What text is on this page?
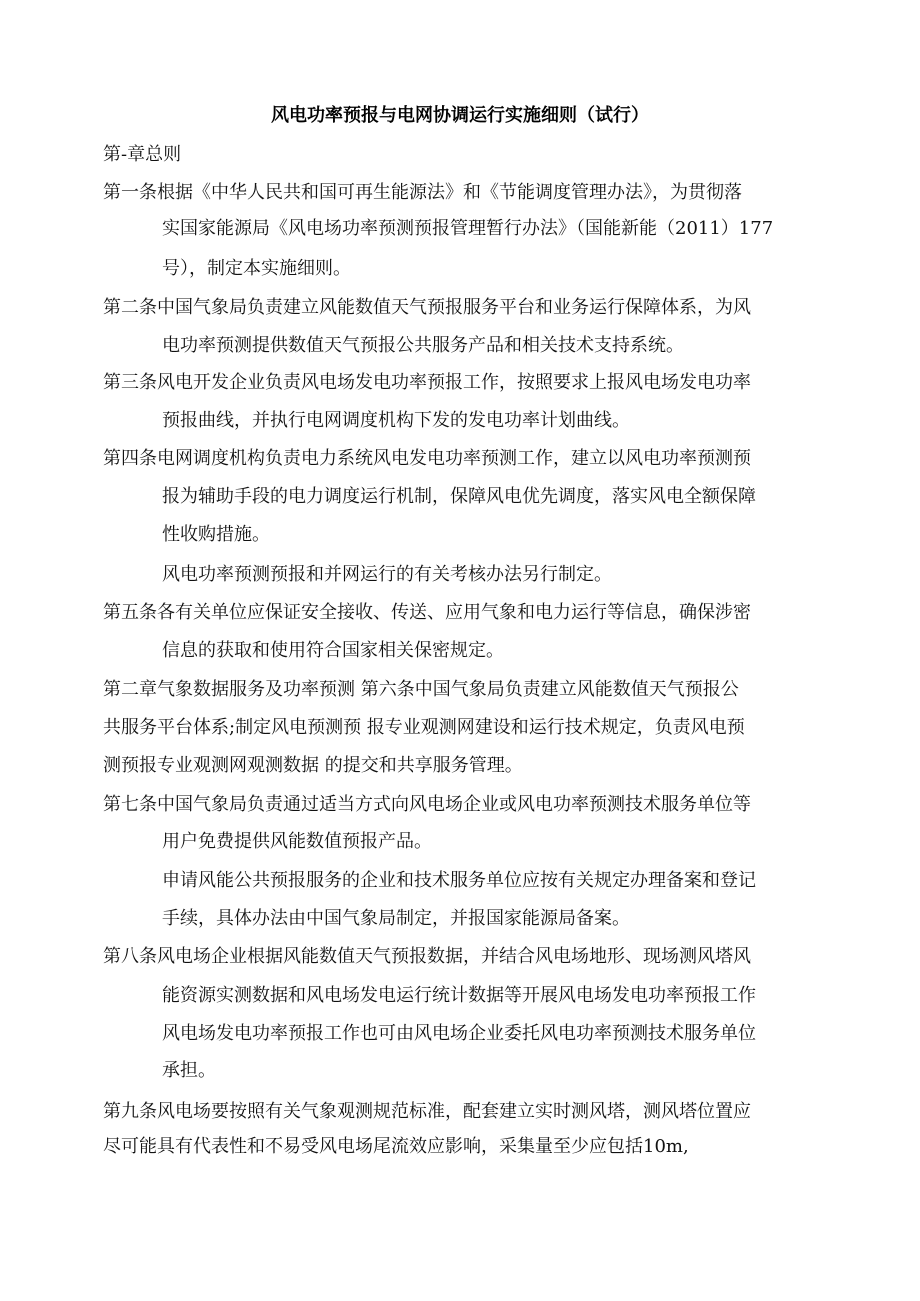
风电功率预报与电网协调运行实施细则（试行）
第-章总则
第一条根据《中华人民共和国可再生能源法》和《节能调度管理办法》，为贯彻落
实国家能源局《风电场功率预测预报管理暂行办法》（国能新能（2011）177
号），制定本实施细则。
第二条中国气象局负责建立风能数值天气预报服务平台和业务运行保障体系，为风
电功率预测提供数值天气预报公共服务产品和相关技术支持系统。
第三条风电开发企业负责风电场发电功率预报工作，按照要求上报风电场发电功率
预报曲线，并执行电网调度机构下发的发电功率计划曲线。
第四条电网调度机构负责电力系统风电发电功率预测工作，建立以风电功率预测预
报为辅助手段的电力调度运行机制，保障风电优先调度，落实风电全额保障
性收购措施。
风电功率预测预报和并网运行的有关考核办法另行制定。
第五条各有关单位应保证安全接收、传送、应用气象和电力运行等信息，确保涉密
信息的获取和使用符合国家相关保密规定。
第二章气象数据服务及功率预测 第六条中国气象局负责建立风能数值天气预报公
共服务平台体系;制定风电预测预 报专业观测网建设和运行技术规定，负责风电预
测预报专业观测网观测数据 的提交和共享服务管理。
第七条中国气象局负责通过适当方式向风电场企业或风电功率预测技术服务单位等
用户免费提供风能数值预报产品。
申请风能公共预报服务的企业和技术服务单位应按有关规定办理备案和登记
手续，具体办法由中国气象局制定，并报国家能源局备案。
第八条风电场企业根据风能数值天气预报数据，并结合风电场地形、现场测风塔风
能资源实测数据和风电场发电运行统计数据等开展风电场发电功率预报工作
风电场发电功率预报工作也可由风电场企业委托风电功率预测技术服务单位
承担。
第九条风电场要按照有关气象观测规范标准，配套建立实时测风塔，测风塔位置应
尽可能具有代表性和不易受风电场尾流效应影响，采集量至少应包括10m,
